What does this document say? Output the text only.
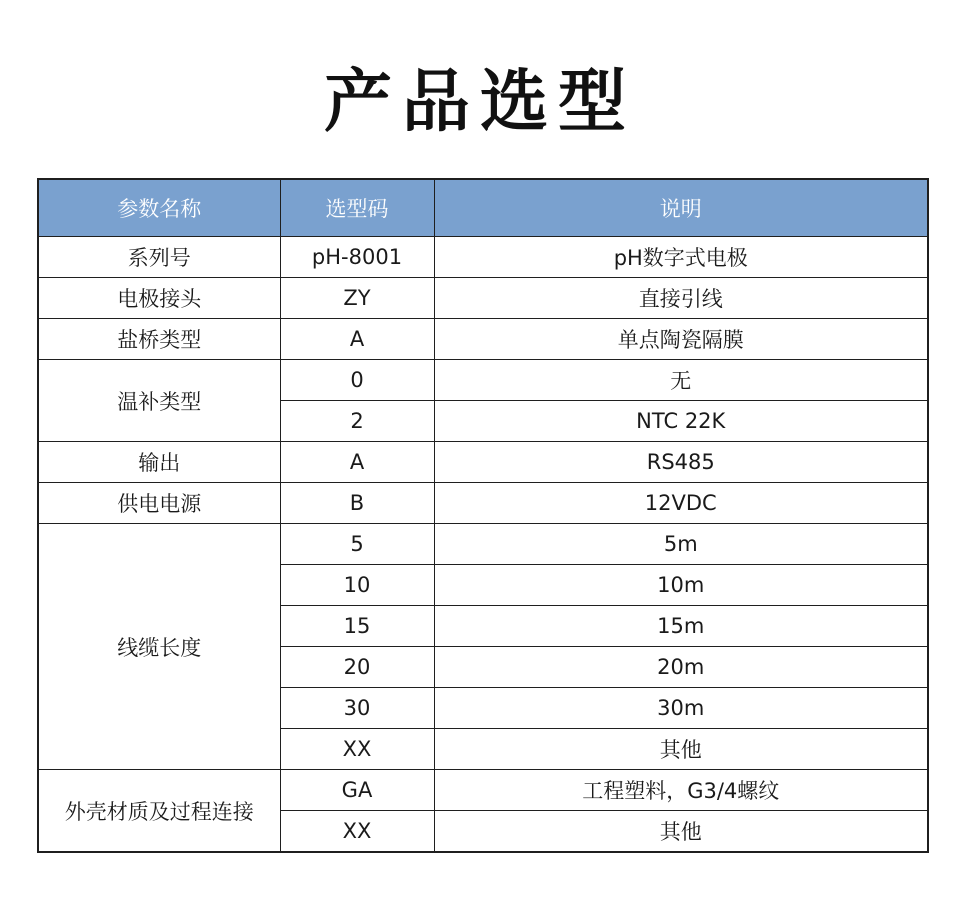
产品选型
参数名称	选型码	说明
系列号	pH-8001	pH数字式电极
电极接头	ZY	直接引线
盐桥类型	A	单点陶瓷隔膜
温补类型	0	无
	2	NTC 22K
输出	A	RS485
供电电源	B	12VDC
线缆长度	5	5m
	10	10m
	15	15m
	20	20m
	30	30m
	XX	其他
外壳材质及过程连接	GA	工程塑料，G3/4螺纹
	XX	其他
